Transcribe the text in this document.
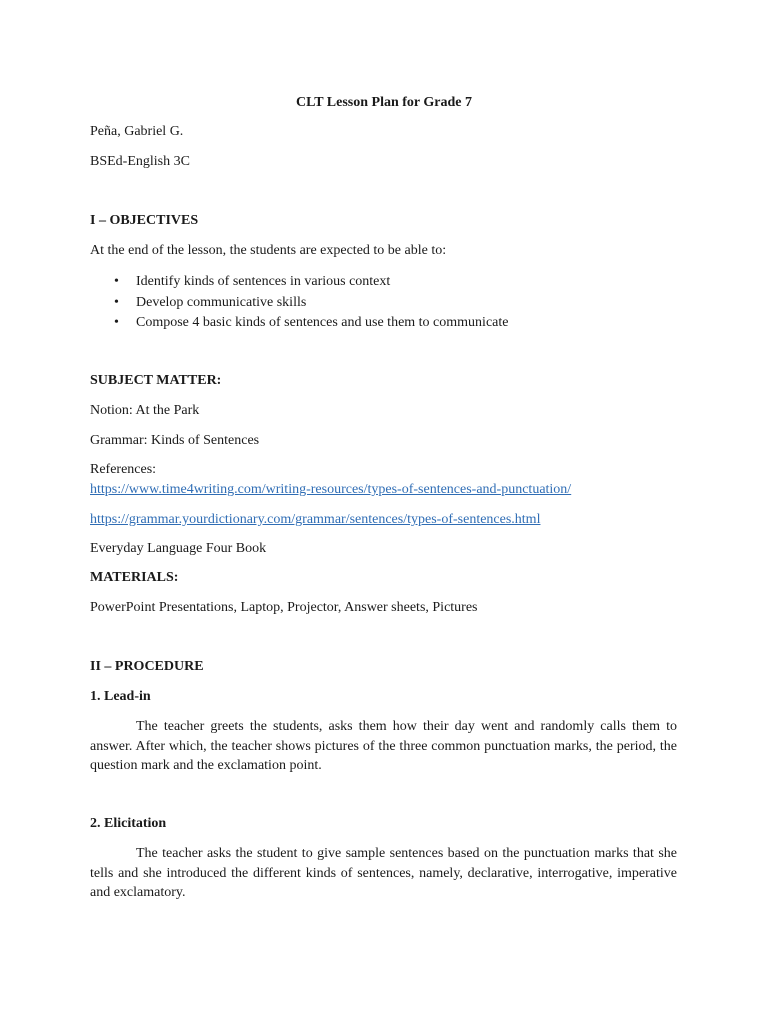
CLT Lesson Plan for Grade 7
Peña, Gabriel G.
BSEd-English 3C
I – OBJECTIVES
At the end of the lesson, the students are expected to be able to:
• Identify kinds of sentences in various context
• Develop communicative skills
• Compose 4 basic kinds of sentences and use them to communicate
SUBJECT MATTER:
Notion: At the Park
Grammar: Kinds of Sentences
References:
https://www.time4writing.com/writing-resources/types-of-sentences-and-punctuation/
https://grammar.yourdictionary.com/grammar/sentences/types-of-sentences.html
Everyday Language Four Book
MATERIALS:
PowerPoint Presentations, Laptop, Projector, Answer sheets, Pictures
II – PROCEDURE
1. Lead-in

The teacher greets the students, asks them how their day went and randomly calls them to answer. After which, the teacher shows pictures of the three common punctuation marks, the period, the question mark and the exclamation point.

2. Elicitation

The teacher asks the student to give sample sentences based on the punctuation marks that she tells and she introduced the different kinds of sentences, namely, declarative, interrogative, imperative and exclamatory.
